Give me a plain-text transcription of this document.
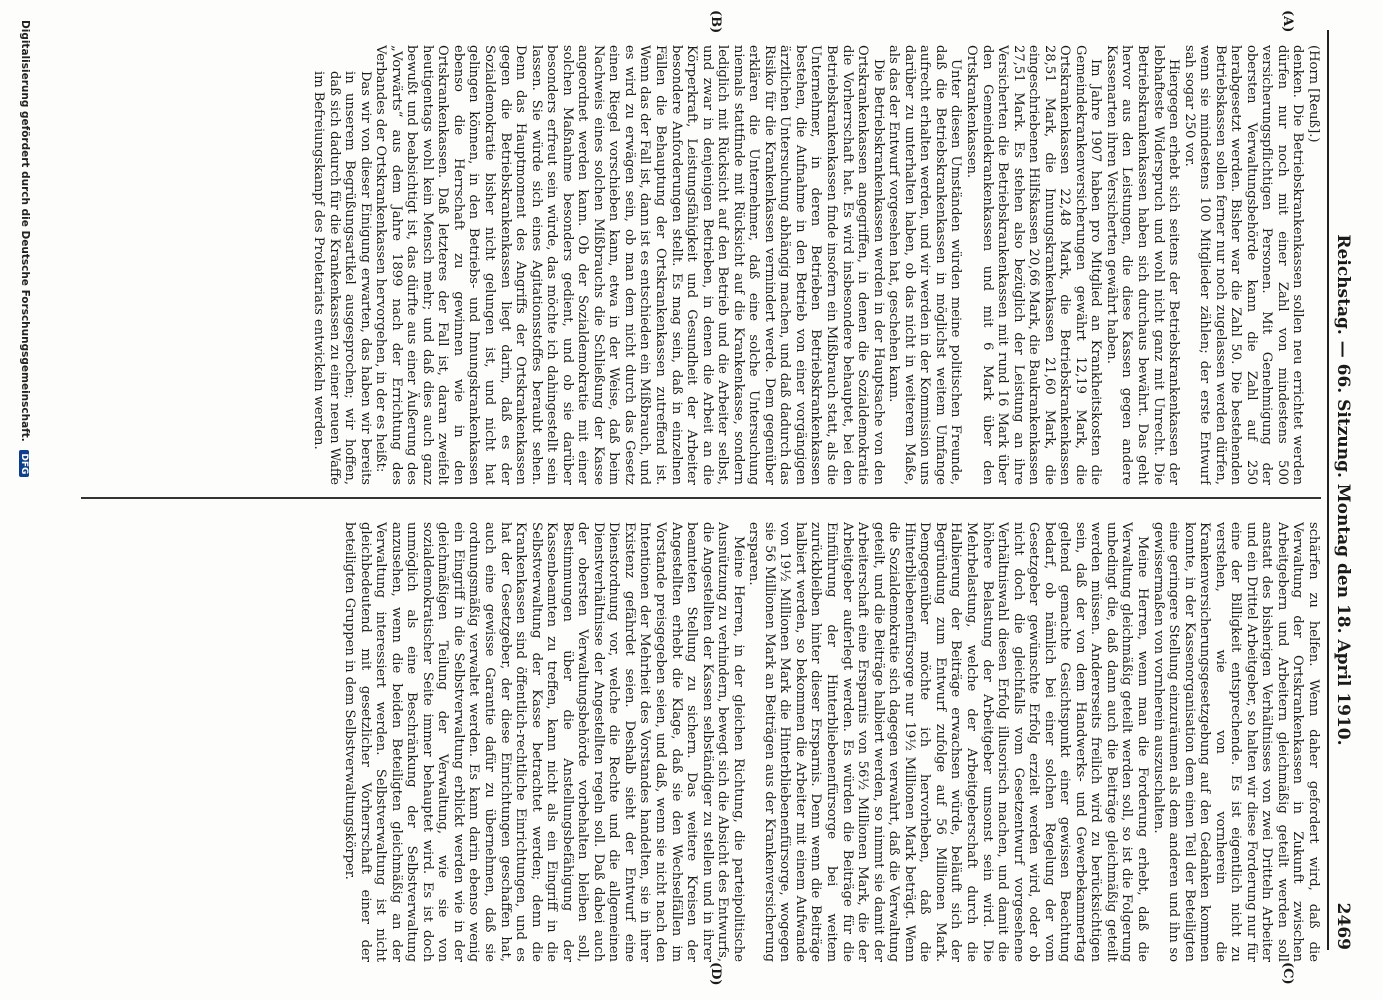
Reichstag. — 66. Sitzung. Montag den 18. April 1910.
2469
(A)
(B)
(C)
(D)

(Horn [Reuß].)

denken. Die Betriebskrankenkassen sollen neu errichtet werden dürfen nur noch mit einer Zahl von mindestens 500 versicherungspflichtigen Personen. Mit Genehmigung der obersten Verwaltungsbehörde kann die Zahl auf 250 herabgesetzt werden. Bisher war die Zahl 50. Die bestehenden Betriebskassen sollen ferner nur noch zugelassen werden dürfen, wenn sie mindestens 100 Mitglieder zählen; der erste Entwurf sah sogar 250 vor.

Hiergegen erhebt sich seitens der Betriebskrankenkassen der lebhafteste Widerspruch und wohl nicht ganz mit Unrecht. Die Betriebskrankenkassen haben sich durchaus bewährt. Das geht hervor aus den Leistungen, die diese Kassen gegen andere Kassenarten ihren Versicherten gewährt haben.

Im Jahre 1907 haben pro Mitglied an Krankheitskosten die Gemeindekrankenversicherungen gewährt 12,19 Mark, die Ortskrankenkassen 22,48 Mark, die Betriebskrankenkassen 28,51 Mark, die Innungskrankenkassen 21,60 Mark, die eingeschriebenen Hilfskassen 20,66 Mark, die Baukrankenkassen 27,51 Mark. Es stehen also bezüglich der Leistung an ihre Versicherten die Betriebskrankenkassen mit rund 16 Mark über den Gemeindekrankenkassen und mit 6 Mark über den Ortskrankenkassen.

Unter diesen Umständen würden meine politischen Freunde, daß die Betriebskrankenkassen in möglichst weitem Umfange aufrecht erhalten werden, und wir werden in der Kommission uns darüber zu unterhalten haben, ob das nicht in weiterem Maße, als das der Entwurf vorgesehen hat, geschehen kann.

Die Betriebskrankenkassen werden in der Hauptsache von den Ortskrankenkassen angegriffen, in denen die Sozialdemokratie die Vorherrschaft hat. Es wird insbesondere behauptet, bei den Betriebskrankenkassen finde insofern ein Mißbrauch statt, als die Unternehmer, in deren Betrieben Betriebskrankenkassen bestehen, die Aufnahme in den Betrieb von einer vorgängigen ärztlichen Untersuchung abhängig machen, und daß dadurch das Risiko für die Krankenkassen vermindert werde. Dem gegenüber erklären die Unternehmer, daß eine solche Untersuchung niemals stattfinde mit Rücksicht auf die Krankenkasse, sondern lediglich mit Rücksicht auf den Betrieb und die Arbeiter selbst, und zwar in denjenigen Betrieben, in denen die Arbeit an die Körperkraft, Leistungsfähigkeit und Gesundheit der Arbeiter besondere Anforderungen stellt. Es mag sein, daß in einzelnen Fällen die Behauptung der Ortskrankenkassen zutreffend ist. Wenn das der Fall ist, dann ist es entschieden ein Mißbrauch, und es wird zu erwägen sein, ob man dem nicht durch das Gesetz einen Riegel vorschieben kann, etwa in der Weise, daß beim Nachweis eines solchen Mißbrauchs die Schließung der Kasse angeordnet werden kann. Ob der Sozialdemokratie mit einer solchen Maßnahme besonders gedient, und ob sie darüber besonders erfreut sein würde, das möchte ich dahingestellt sein lassen. Sie würde sich eines Agitationsstoffes beraubt sehen. Denn das Hauptmoment des Angriffs der Ortskrankenkassen gegen die Betriebskrankenkassen liegt darin, daß es der Sozialdemokratie bisher nicht gelungen ist, und nicht hat gelingen können, in den Betriebs- und Innungskrankenkassen ebenso die Herrschaft zu gewinnen wie in den Ortskrankenkassen. Daß letzteres der Fall ist, daran zweifelt heutigentags wohl kein Mensch mehr; und daß dies auch ganz bewußt und beabsichtigt ist, das dürfte aus einer Äußerung des „Vorwärts“ aus dem Jahre 1899 nach der Errichtung des Verbandes der Ortskrankenkassen hervorgehen, in der es heißt:

Das wir von dieser Einigung erwarten, das haben wir bereits in unserem Begrüßungsartikel ausgesprochen; wir hoffen, daß sich dadurch für die Krankenkassen zu einer neuen Waffe im Befreiungskampf des Proletariats entwickeln werden.

schärfen zu helfen. Wenn daher gefordert wird, daß die Verwaltung der Ortskrankenkassen in Zukunft zwischen Arbeitgebern und Arbeitern gleichmäßig geteilt werden soll anstatt des bisherigen Verhältnisses von zwei Dritteln Arbeiter und ein Drittel Arbeitgeber, so halten wir diese Forderung nur für eine der Billigkeit entsprechende. Es ist eigentlich nicht zu verstehen, wie von vornherein die Krankenversicherungsgesetzgebung auf den Gedanken kommen konnte, in der Kassenorganisation dem einen Teil der Beteiligten eine geringere Stellung einzuräumen als dem anderen und ihn so gewissermaßen von vornherein auszuschalten.

Meine Herren, wenn man die Forderung erhebt, daß die Verwaltung gleichmäßig geteilt werden soll, so ist die Folgerung unbedingt die, daß dann auch die Beiträge gleichmäßig geteilt werden müssen. Andererseits freilich wird zu berücksichtigen sein, daß der von dem Handwerks- und Gewerbekammertag geltend gemachte Gesichtspunkt einer gewissen Beachtung bedarf, ob nämlich bei einer solchen Regelung der vom Gesetzgeber gewünschte Erfolg erzielt werden wird, oder ob nicht doch die gleichfalls vom Gesetzentwurf vorgesehene Verhältniswahl diesen Erfolg illusorisch machen, und damit die höhere Belastung der Arbeitgeber umsonst sein wird. Die Mehrbelastung, welche der Arbeitgeberschaft durch die Halbierung der Beiträge erwachsen würde, beläuft sich der Begründung zum Entwurf zufolge auf 56 Millionen Mark. Demgegenüber möchte ich hervorheben, daß die Hinterbliebenenfürsorge nur 19½ Millionen Mark beträgt. Wenn die Sozialdemokratie sich dagegen verwahrt, daß die Verwaltung geteilt, und die Beiträge halbiert werden, so nimmt sie damit der Arbeiterschaft eine Ersparnis von 56½ Millionen Mark, die der Arbeitgeber auferlegt werden. Es würden die Beiträge für die Einführung der Hinterbliebenenfürsorge bei weitem zurückbleiben hinter dieser Ersparnis. Denn wenn die Beiträge halbiert werden, so bekommen die Arbeiter mit einem Aufwande von 19½ Millionen Mark die Hinterbliebenenfürsorge, wogegen sie 56 Millionen Mark an Beiträgen aus der Krankenversicherung ersparen.

Meine Herren, in der gleichen Richtung, die parteipolitische Ausnützung zu verhindern, bewegt sich die Absicht des Entwurfs, die Angestellten der Kassen selbständiger zu stellen und in ihrer beamteten Stellung zu sichern. Das weitere Kreisen der Angestellten erhebt die Klage, daß sie den Wechselfällen im Vorstande preisgegeben seien, und daß, wenn sie nicht nach den Intentionen der Mehrheit des Vorstandes handelten, sie in ihrer Existenz gefährdet seien. Deshalb sieht der Entwurf eine Dienstordnung vor, welche die Rechte und die allgemeinen Dienstverhältnisse der Angestellten regeln soll. Daß dabei auch der obersten Verwaltungsbehörde vorbehalten bleiben soll, Bestimmungen über die Anstellungsbefähigung der Kassenbeamten zu treffen, kann nicht als ein Eingriff in die Selbstverwaltung der Kasse betrachtet werden; denn die Krankenkassen sind öffentlich-rechtliche Einrichtungen, und es hat der Gesetzgeber, der diese Einrichtungen geschaffen hat, auch eine gewisse Garantie dafür zu übernehmen, daß sie ordnungsmäßig verwaltet werden. Es kann darin ebenso wenig ein Eingriff in die Selbstverwaltung erblickt werden wie in der gleichmäßigen Teilung der Verwaltung, wie sie von sozialdemokratischer Seite immer behauptet wird. Es ist doch unmöglich als eine Beschränkung der Selbstverwaltung anzusehen, wenn die beiden Beteiligten gleichmäßig an der Verwaltung interessiert werden. Selbstverwaltung ist nicht gleichbedeutend mit gesetzlicher Vorherrschaft einer der beteiligten Gruppen in dem Selbstverwaltungskörper.

Digitalisierung gefördert durch die Deutsche Forschungsgemeinschaft. DFG
